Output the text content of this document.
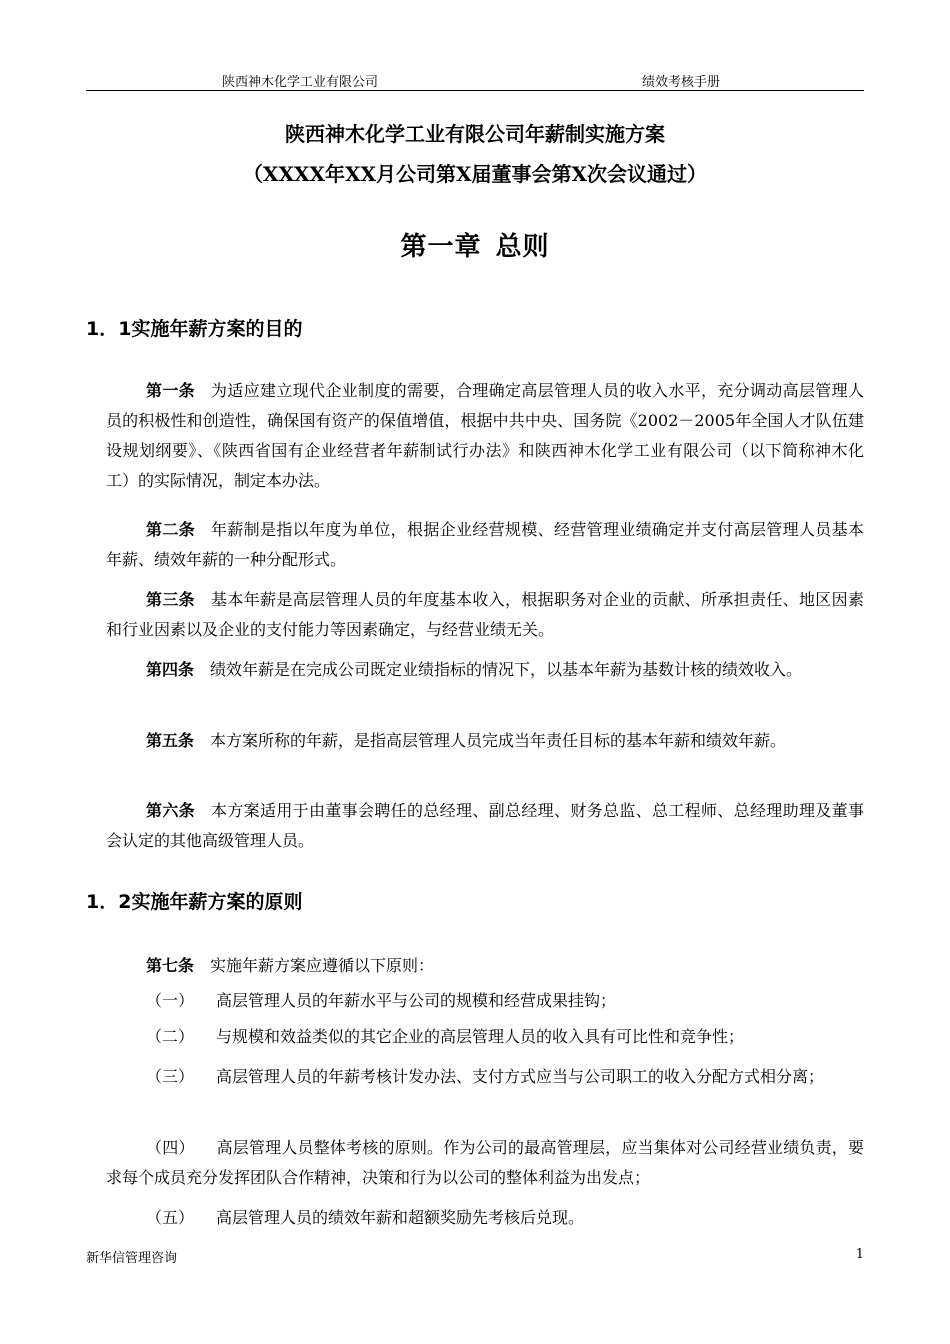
陕西神木化学工业有限公司	绩效考核手册
陕西神木化学工业有限公司年薪制实施方案
（XXXX年XX月公司第X届董事会第X次会议通过）
第一章 总则
1．1实施年薪方案的目的
第一条 为适应建立现代企业制度的需要，合理确定高层管理人员的收入水平，充分调动高层管理人员的积极性和创造性，确保国有资产的保值增值，根据中共中央、国务院《2002－2005年全国人才队伍建设规划纲要》、《陕西省国有企业经营者年薪制试行办法》和陕西神木化学工业有限公司（以下简称神木化工）的实际情况，制定本办法。
第二条 年薪制是指以年度为单位，根据企业经营规模、经营管理业绩确定并支付高层管理人员基本年薪、绩效年薪的一种分配形式。
第三条 基本年薪是高层管理人员的年度基本收入，根据职务对企业的贡献、所承担责任、地区因素和行业因素以及企业的支付能力等因素确定，与经营业绩无关。
第四条 绩效年薪是在完成公司既定业绩指标的情况下，以基本年薪为基数计核的绩效收入。
第五条 本方案所称的年薪，是指高层管理人员完成当年责任目标的基本年薪和绩效年薪。
第六条 本方案适用于由董事会聘任的总经理、副总经理、财务总监、总工程师、总经理助理及董事会认定的其他高级管理人员。
1．2实施年薪方案的原则
第七条 实施年薪方案应遵循以下原则：
（一） 高层管理人员的年薪水平与公司的规模和经营成果挂钩；
（二） 与规模和效益类似的其它企业的高层管理人员的收入具有可比性和竞争性；
（三） 高层管理人员的年薪考核计发办法、支付方式应当与公司职工的收入分配方式相分离；
（四） 高层管理人员整体考核的原则。作为公司的最高管理层，应当集体对公司经营业绩负责，要求每个成员充分发挥团队合作精神，决策和行为以公司的整体利益为出发点；
（五） 高层管理人员的绩效年薪和超额奖励先考核后兑现。
新华信管理咨询	1
